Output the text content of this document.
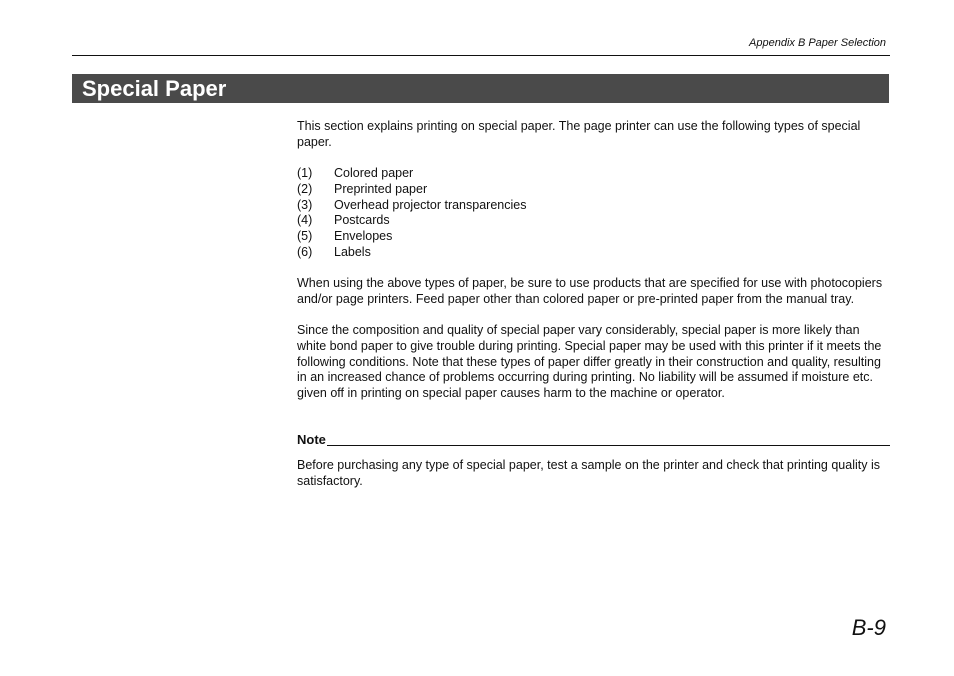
Appendix B Paper Selection
Special Paper

This section explains printing on special paper. The page printer can use the following types of special paper.

(1)	Colored paper
(2)	Preprinted paper
(3)	Overhead projector transparencies
(4)	Postcards
(5)	Envelopes
(6)	Labels

When using the above types of paper, be sure to use products that are specified for use with photocopiers and/or page printers. Feed paper other than colored paper or pre-printed paper from the manual tray.

Since the composition and quality of special paper vary considerably, special paper is more likely than white bond paper to give trouble during printing. Special paper may be used with this printer if it meets the following conditions. Note that these types of paper differ greatly in their construction and quality, resulting in an increased chance of problems occurring during printing. No liability will be assumed if moisture etc. given off in printing on special paper causes harm to the machine or operator.

Note

Before purchasing any type of special paper, test a sample on the printer and check that printing quality is satisfactory.

B-9
